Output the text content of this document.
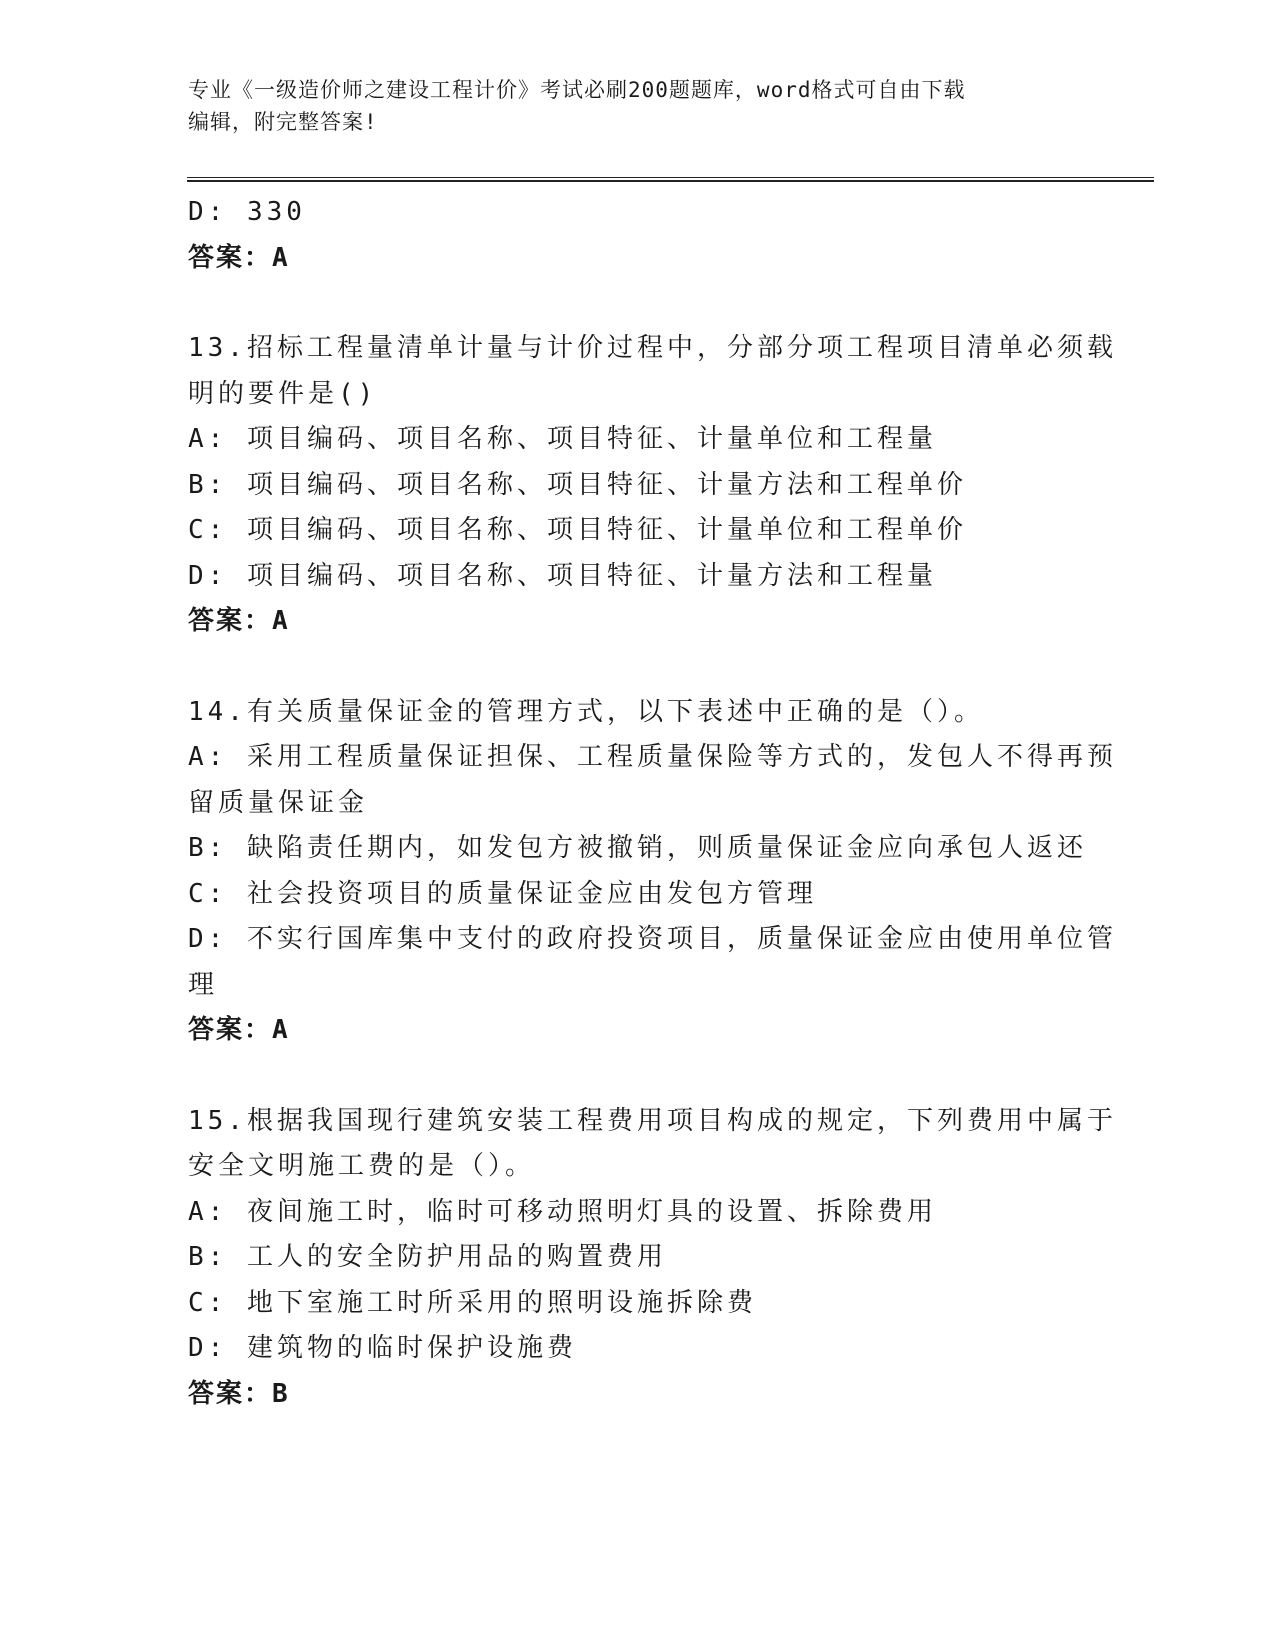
专业《一级造价师之建设工程计价》考试必刷200题题库，word格式可自由下载
编辑，附完整答案!
D: 330
答案：A
13.招标工程量清单计量与计价过程中，分部分项工程项目清单必须载
明的要件是()
A: 项目编码、项目名称、项目特征、计量单位和工程量
B: 项目编码、项目名称、项目特征、计量方法和工程单价
C: 项目编码、项目名称、项目特征、计量单位和工程单价
D: 项目编码、项目名称、项目特征、计量方法和工程量
答案：A
14.有关质量保证金的管理方式，以下表述中正确的是（）。
A: 采用工程质量保证担保、工程质量保险等方式的，发包人不得再预
留质量保证金
B: 缺陷责任期内，如发包方被撤销，则质量保证金应向承包人返还
C: 社会投资项目的质量保证金应由发包方管理
D: 不实行国库集中支付的政府投资项目，质量保证金应由使用单位管
理
答案：A
15.根据我国现行建筑安装工程费用项目构成的规定，下列费用中属于
安全文明施工费的是（）。
A: 夜间施工时，临时可移动照明灯具的设置、拆除费用
B: 工人的安全防护用品的购置费用
C: 地下室施工时所采用的照明设施拆除费
D: 建筑物的临时保护设施费
答案：B
